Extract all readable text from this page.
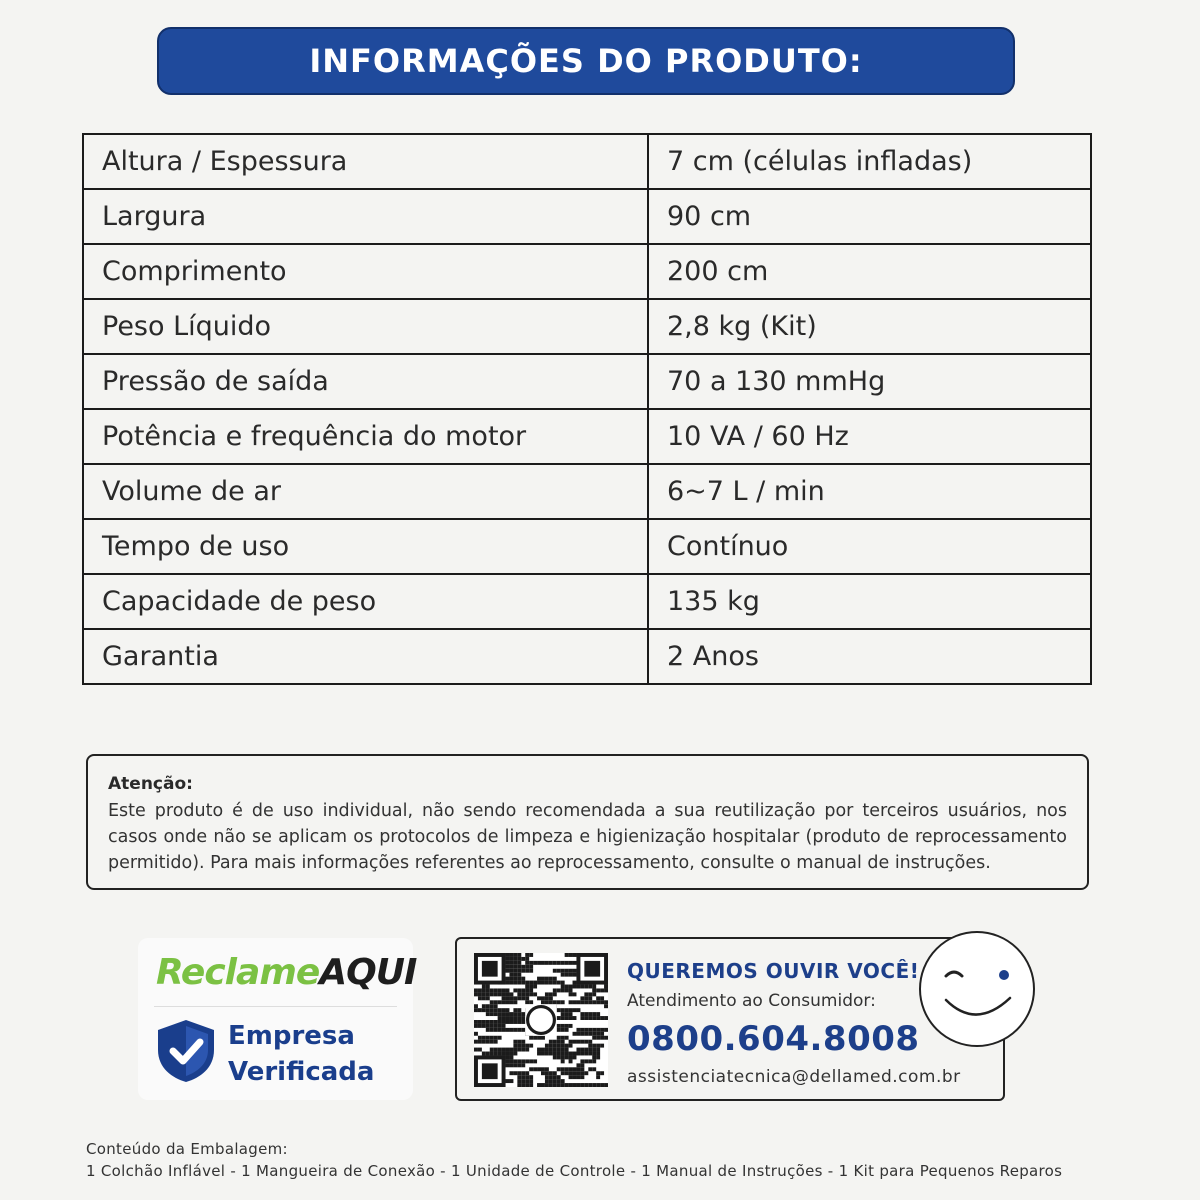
INFORMAÇÕES DO PRODUTO:
Altura / Espessura	7 cm (células infladas)
Largura	90 cm
Comprimento	200 cm
Peso Líquido	2,8 kg (Kit)
Pressão de saída	70 a 130 mmHg
Potência e frequência do motor	10 VA / 60 Hz
Volume de ar	6~7 L / min
Tempo de uso	Contínuo
Capacidade de peso	135 kg
Garantia	2 Anos
Atenção:
Este produto é de uso individual, não sendo recomendada a sua reutilização por terceiros usuários, nos casos onde não se aplicam os protocolos de limpeza e higienização hospitalar (produto de reprocessamento permitido). Para mais informações referentes ao reprocessamento, consulte o manual de instruções.
ReclameAQUI
Empresa
Verificada
QUEREMOS OUVIR VOCÊ!
Atendimento ao Consumidor:
0800.604.8008
assistenciatecnica@dellamed.com.br
Conteúdo da Embalagem:
1 Colchão Inflável - 1 Mangueira de Conexão - 1 Unidade de Controle - 1 Manual de Instruções - 1 Kit para Pequenos Reparos
